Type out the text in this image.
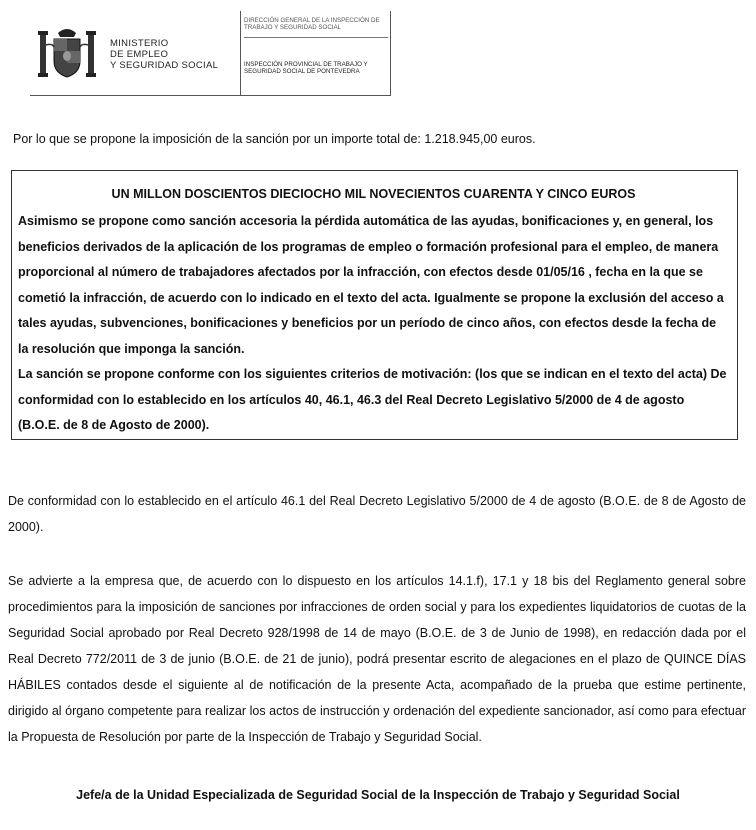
MINISTERIO
DE EMPLEO
Y SEGURIDAD SOCIAL
DIRECCIÓN GENERAL DE LA INSPECCIÓN DE TRABAJO Y SEGURIDAD SOCIAL
INSPECCIÓN PROVINCIAL DE TRABAJO Y SEGURIDAD SOCIAL DE PONTEVEDRA
Por lo que se propone la imposición de la sanción por un importe total de: 1.218.945,00 euros.
UN MILLON DOSCIENTOS DIECIOCHO MIL NOVECIENTOS CUARENTA Y CINCO EUROS

Asimismo se propone como sanción accesoria la pérdida automática de las ayudas, bonificaciones y, en general, los beneficios derivados de la aplicación de los programas de empleo o formación profesional para el empleo, de manera proporcional al número de trabajadores afectados por la infracción, con efectos desde 01/05/16 , fecha en la que se cometió la infracción, de acuerdo con lo indicado en el texto del acta. Igualmente se propone la exclusión del acceso a tales ayudas, subvenciones, bonificaciones y beneficios por un período de cinco años, con efectos desde la fecha de la resolución que imponga la sanción.

La sanción se propone conforme con los siguientes criterios de motivación: (los que se indican en el texto del acta) De conformidad con lo establecido en los artículos 40, 46.1, 46.3 del Real Decreto Legislativo 5/2000 de 4 de agosto (B.O.E. de 8 de Agosto de 2000).

De conformidad con lo establecido en el artículo 46.1 del Real Decreto Legislativo 5/2000 de 4 de agosto (B.O.E. de 8 de Agosto de 2000).
Se advierte a la empresa que, de acuerdo con lo dispuesto en los artículos 14.1.f), 17.1 y 18 bis del Reglamento general sobre procedimientos para la imposición de sanciones por infracciones de orden social y para los expedientes liquidatorios de cuotas de la Seguridad Social aprobado por Real Decreto 928/1998 de 14 de mayo (B.O.E. de 3 de Junio de 1998), en redacción dada por el Real Decreto 772/2011 de 3 de junio (B.O.E. de 21 de junio), podrá presentar escrito de alegaciones en el plazo de QUINCE DÍAS HÁBILES contados desde el siguiente al de notificación de la presente Acta, acompañado de la prueba que estime pertinente, dirigido al órgano competente para realizar los actos de instrucción y ordenación del expediente sancionador, así como para efectuar la Propuesta de Resolución por parte de la Inspección de Trabajo y Seguridad Social.
Jefe/a de la Unidad Especializada de Seguridad Social de la Inspección de Trabajo y Seguridad Social
